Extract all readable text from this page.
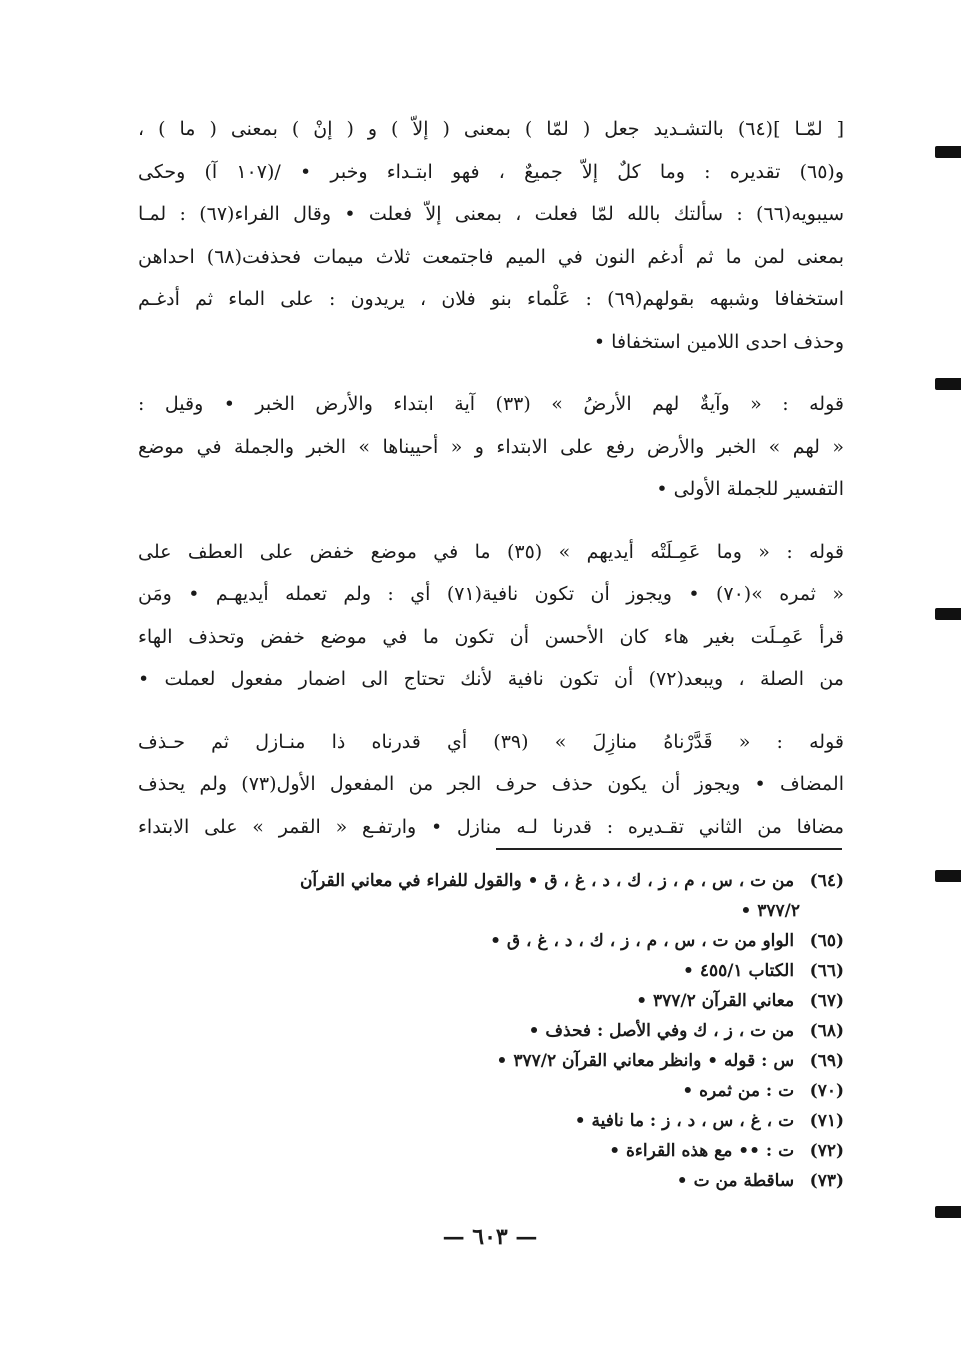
[ لمّـا ](٦٤) بالتشـديد جعل ( لمّا ) بمعنى ( إلاّ ) و ( إنْ ) بمعنى ( ما ) ،
و(٦٥) تقديره : وما كلٌ إلاّ جميعٌ ، فهو ابتـداء وخبر • /(١٠٧ آ) وحكى
سيبويه(٦٦) : سألتك بالله لمّا فعلت ، بمعنى إلاّ فعلت • وقال الفراء(٦٧) : لمـا
بمعنى لمن ما ثم أدغم النون في الميم فاجتمعت ثلاث ميمات فحذفت(٦٨) احداهن
استخفافا وشبهه بقولهم(٦٩) : عَلْماء بنو فلان ، يريدون : على الماء ثم أدغـم
وحذف احدى اللامين استخفافا •

قوله : « وآيةٌ لهم الأرضُ » (٣٣) آية ابتداء والأرض الخبر • وقيل :
« لهم » الخبر والأرض رفع على الابتداء و « أحييناها » الخبر والجملة في موضع
التفسير للجملة الأولى •

قوله : « وما عَمِـلَتْه أيديهم » (٣٥) ما في موضع خفض على العطف على
« ثمره »(٧٠) • ويجوز أن تكون نافية(٧١) أي : ولم تعمله أيديهـم • ومَن
قرأ عَمِـلَت بغير هاء كان الأحسن أن تكون ما في موضع خفض وتحذف الهاء
من الصلة ، ويبعد(٧٢) أن تكون نافية لأنك تحتاج الى اضمار مفعول لعملت •

قوله : « قَدَّرْناهُ منازِلَ » (٣٩) أي قدرناه ذا منـازل ثم حـذف
المضاف • ويجوز أن يكون حذف حرف الجر من المفعول الأول(٧٣) ولم يحذف
مضافا من الثاني تقـديره : قدرنا لـه منازل • وارتفـع « القمر » على الابتداء

(٦٤) من ت ، س ، م ، ز ، ك ، د ، غ ، ق • والقول للفراء في معاني القرآن
٣٧٧/٢ •
(٦٥) الواو من ت ، س ، م ، ز ، ك ، د ، غ ، ق •
(٦٦) الكتاب ٤٥٥/١ •
(٦٧) معاني القرآن ٣٧٧/٢ •
(٦٨) من ت ، ز ، ك وفي الأصل : فحذف •
(٦٩) س : قوله • وانظر معاني القرآن ٣٧٧/٢ •
(٧٠) ت : من ثمره •
(٧١) ت ، غ ، س ، د ، ز : ما نافية •
(٧٢) ت : •• مع هذه القراءة •
(٧٣) ساقطة من ت •
— ٦٠٣ —
